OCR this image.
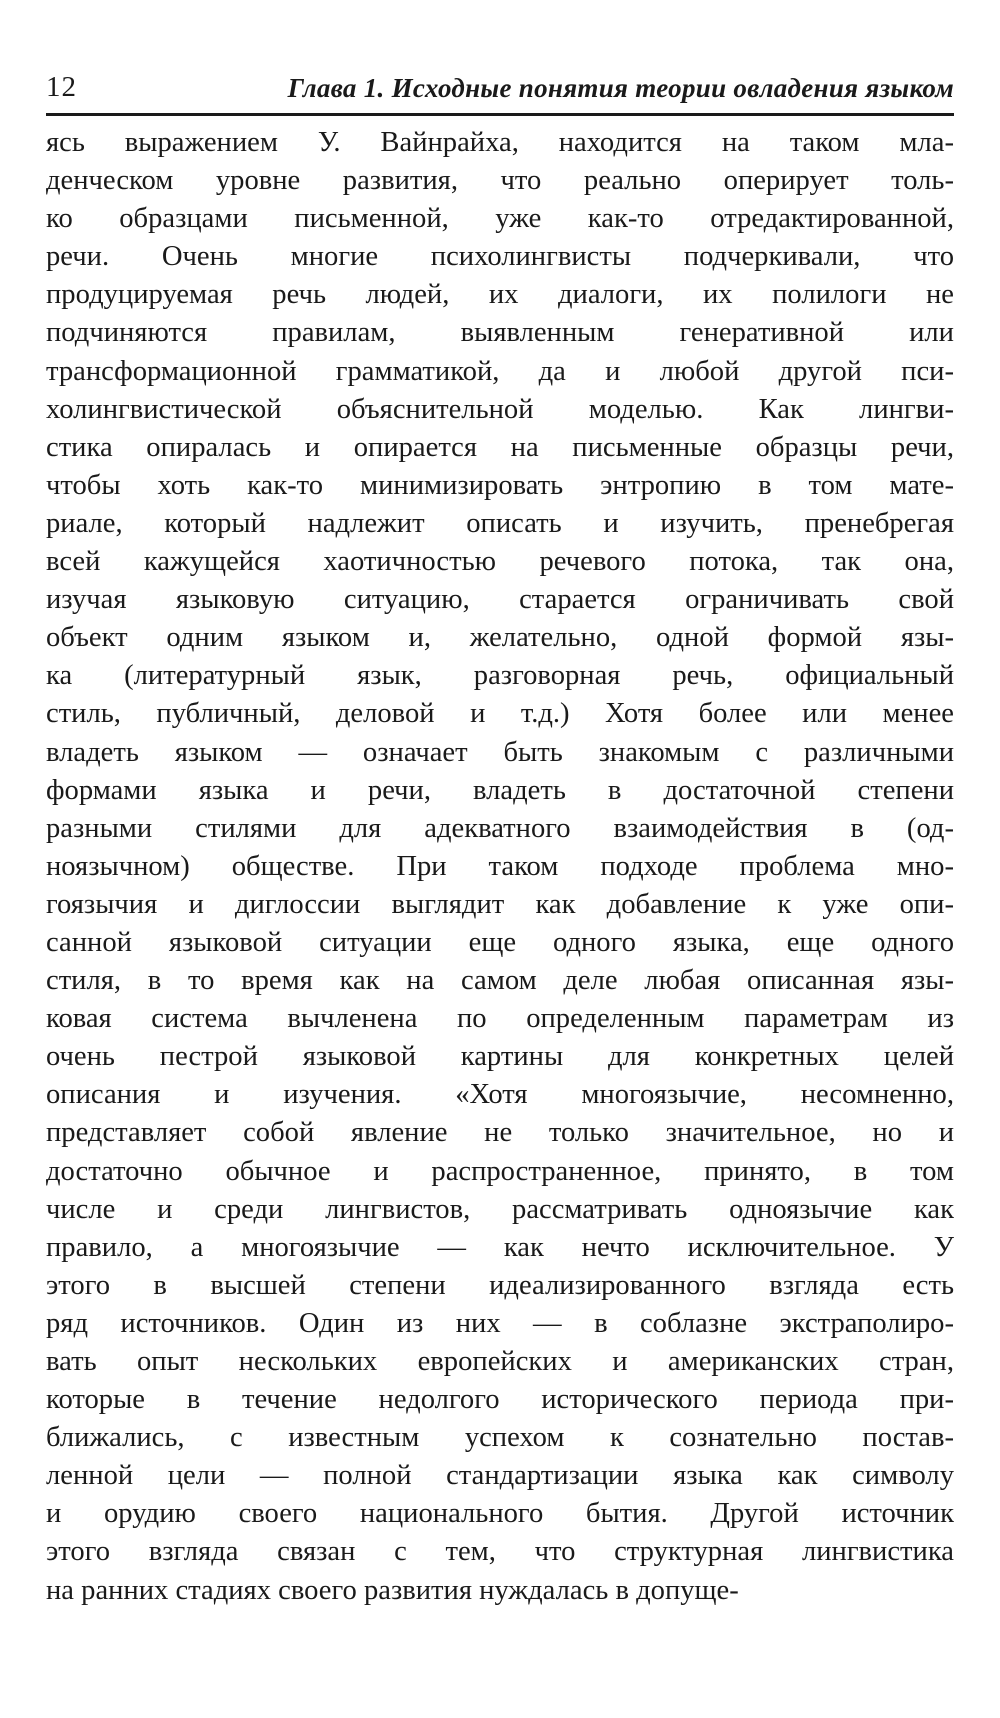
12	Глава 1. Исходные понятия теории овладения языком
ясь выражением У. Вайнрайха, находится на таком мла-
денческом уровне развития, что реально оперирует толь-
ко образцами письменной, уже как-то отредактированной,
речи. Очень многие психолингвисты подчеркивали, что
продуцируемая речь людей, их диалоги, их полилоги не
подчиняются правилам, выявленным генеративной или
трансформационной грамматикой, да и любой другой пси-
холингвистической объяснительной моделью. Как лингви-
стика опиралась и опирается на письменные образцы речи,
чтобы хоть как-то минимизировать энтропию в том мате-
риале, который надлежит описать и изучить, пренебрегая
всей кажущейся хаотичностью речевого потока, так она,
изучая языковую ситуацию, старается ограничивать свой
объект одним языком и, желательно, одной формой язы-
ка (литературный язык, разговорная речь, официальный
стиль, публичный, деловой и т.д.) Хотя более или менее
владеть языком — означает быть знакомым с различными
формами языка и речи, владеть в достаточной степени
разными стилями для адекватного взаимодействия в (од-
ноязычном) обществе. При таком подходе проблема мно-
гоязычия и диглоссии выглядит как добавление к уже опи-
санной языковой ситуации еще одного языка, еще одного
стиля, в то время как на самом деле любая описанная язы-
ковая система вычленена по определенным параметрам из
очень пестрой языковой картины для конкретных целей
описания и изучения. «Хотя многоязычие, несомненно,
представляет собой явление не только значительное, но и
достаточно обычное и распространенное, принято, в том
числе и среди лингвистов, рассматривать одноязычие как
правило, а многоязычие — как нечто исключительное. У
этого в высшей степени идеализированного взгляда есть
ряд источников. Один из них — в соблазне экстраполиро-
вать опыт нескольких европейских и американских стран,
которые в течение недолгого исторического периода при-
ближались, с известным успехом к сознательно постав-
ленной цели — полной стандартизации языка как символу
и орудию своего национального бытия. Другой источник
этого взгляда связан с тем, что структурная лингвистика
на ранних стадиях своего развития нуждалась в допуще-
